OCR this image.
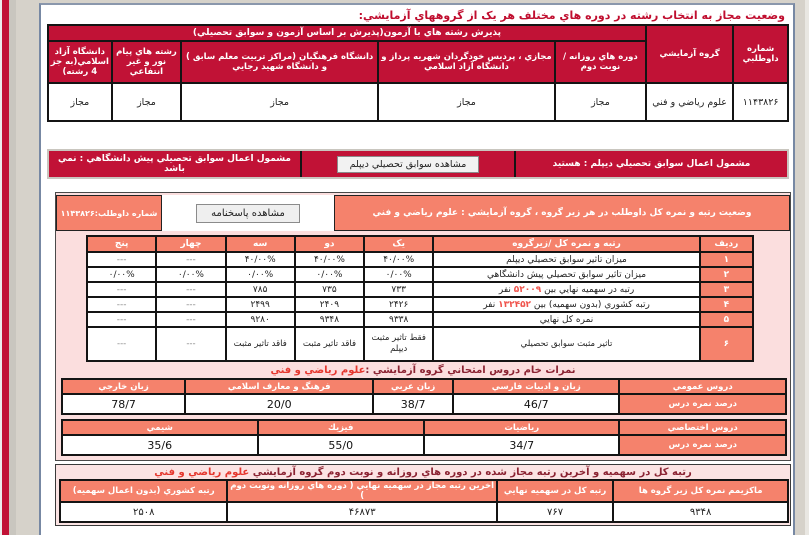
وضعيت مجاز به انتخاب رشته در دوره هاي مختلف هر يک از گروههاي آزمايشي:
شماره داوطلبي	گروه آزمايشي	پذيرش رشته هاي با آزمون(پذيرش بر اساس آزمون و سوابق تحصيلي)				
		دوره هاي روزانه / نوبت دوم	مجازي ، پرديس خودگردان شهريه پرداز و دانشگاه آزاد اسلامي	دانشگاه فرهنگيان (مراكز تربيت معلم سابق ) و دانشگاه شهيد رجايي	رشته هاي پيام نور و غير انتفاعي	دانشگاه آزاد اسلامي(به جز 4 رشته)
۱۱۴۳۸۲۶	علوم رياضي و فني	مجاز	مجاز	مجاز	مجاز	مجاز
مشمول اعمال سوابق تحصيلي ديپلم : هستيد
مشاهده سوابق تحصيلي ديپلم
مشمول اعمال سوابق تحصيلي پيش دانشگاهي : نمي باشد
وضعيت رتبه و نمره كل داوطلب در هر زير گروه ، گروه آزمايشي : علوم رياضي و فني
مشاهده پاسخنامه
شماره داوطلب:۱۱۴۳۸۲۶
رديف	رتبه و نمره كل /زيرگروه	يک	دو	سه	چهار	پنج
۱	ميزان تاثير سوابق تحصيلي ديپلم	۴۰/۰۰%	۴۰/۰۰%	۴۰/۰۰%	---	---
۲	ميزان تاثير سوابق تحصيلي پيش دانشگاهي	۰/۰۰%	۰/۰۰%	۰/۰۰%	۰/۰۰%	۰/۰۰%
۳	رتبه در سهميه نهايي بين ۵۲۰۰۹ نفر	۷۳۳	۷۳۵	۷۸۵	---	---
۴	رتبه كشوري (بدون سهميه) بين ۱۳۲۴۵۲ نفر	۲۴۲۶	۲۴۰۹	۲۴۹۹	---	---
۵	نمره كل نهايي	۹۳۳۸	۹۳۴۸	۹۲۸۰	---	---
۶	تاثير مثبت سوابق تحصيلي	فقط تاثير مثبت ديپلم	فاقد تاثير مثبت	فاقد تاثير مثبت	---	---
نمرات خام دروس امتحاني گروه آزمايشي :علوم رياضي و فني
دروس عمومي	زبان و ادبيات فارسي	زبان عربي	فرهنگ و معارف اسلامي	زبان خارجي
درصد نمره درس	46/7	38/7	20/0	78/7
دروس اختصاصي	رياضيات	فيزيك	شيمي
درصد نمره درس	34/7	55/0	35/6
رتبه كل در سهميه و آخرين رتبه مجاز شده در دوره هاي روزانه و نوبت دوم گروه آزمايشي علوم رياضي و فني
ماكزيمم نمره كل زير گروه ها	رتبه كل در سهميه نهايي	آخرين رتبه مجاز در سهميه نهايي ( دوره هاي روزانه ونوبت دوم )	رتبه كشوري (بدون اعمال سهميه)
۹۳۴۸	۷۶۷	۴۶۸۷۳	۲۵۰۸
